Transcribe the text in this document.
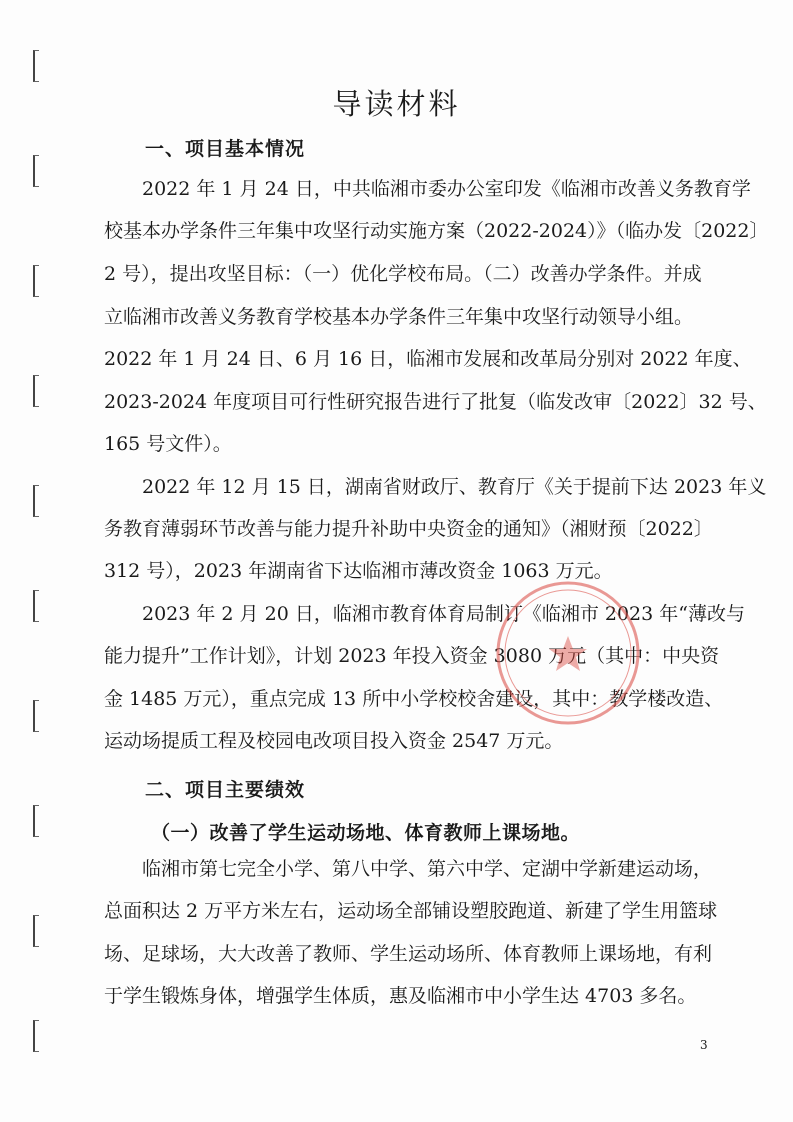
导读材料
一、项目基本情况
2022 年 1 月 24 日，中共临湘市委办公室印发《临湘市改善义务教育学
校基本办学条件三年集中攻坚行动实施方案（2022-2024）》（临办发〔2022〕
2 号），提出攻坚目标：（一）优化学校布局。（二）改善办学条件。并成
立临湘市改善义务教育学校基本办学条件三年集中攻坚行动领导小组。
2022 年 1 月 24 日、6 月 16 日，临湘市发展和改革局分别对 2022 年度、
2023-2024 年度项目可行性研究报告进行了批复（临发改审〔2022〕32 号、
165 号文件）。
2022 年 12 月 15 日，湖南省财政厅、教育厅《关于提前下达 2023 年义
务教育薄弱环节改善与能力提升补助中央资金的通知》（湘财预〔2022〕
312 号），2023 年湖南省下达临湘市薄改资金 1063 万元。
2023 年 2 月 20 日，临湘市教育体育局制订《临湘市 2023 年“薄改与
能力提升”工作计划》，计划 2023 年投入资金 3080 万元（其中：中央资
金 1485 万元），重点完成 13 所中小学校校舍建设，其中：教学楼改造、
运动场提质工程及校园电改项目投入资金 2547 万元。
二、项目主要绩效
（一）改善了学生运动场地、体育教师上课场地。
临湘市第七完全小学、第八中学、第六中学、定湖中学新建运动场，
总面积达 2 万平方米左右，运动场全部铺设塑胶跑道、新建了学生用篮球
场、足球场，大大改善了教师、学生运动场所、体育教师上课场地，有利
于学生锻炼身体，增强学生体质，惠及临湘市中小学生达 4703 多名。
3
